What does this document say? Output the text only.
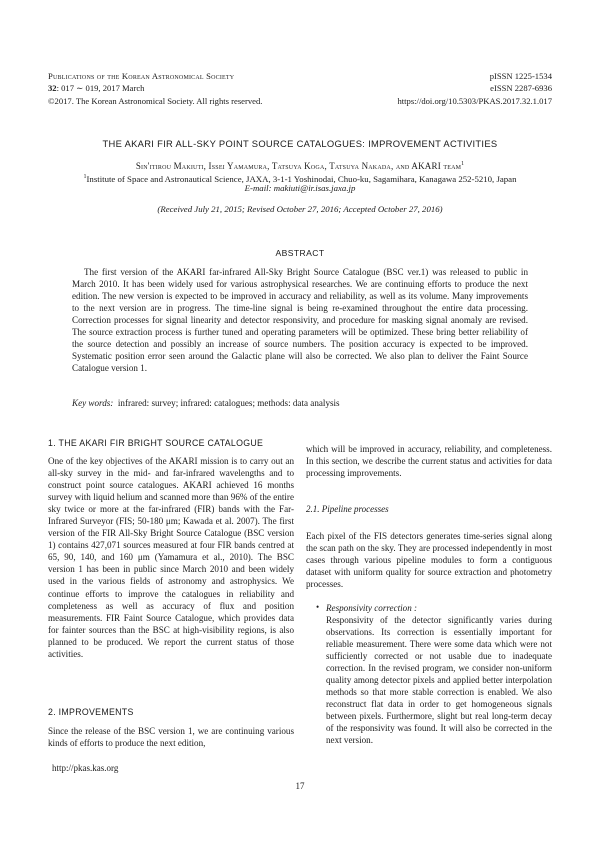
Publications of the Korean Astronomical Society
32: 017 ∼ 019, 2017 March
©2017. The Korean Astronomical Society. All rights reserved.
pISSN 1225-1534
eISSN 2287-6936
https://doi.org/10.5303/PKAS.2017.32.1.017
THE AKARI FIR ALL-SKY POINT SOURCE CATALOGUES: IMPROVEMENT ACTIVITIES
Sin'itirou Makiuti, Issei Yamamura, Tatsuya Koga, Tatsuya Nakada, and AKARI team$^1$
$^1$Institute of Space and Astronautical Science, JAXA, 3-1-1 Yoshinodai, Chuo-ku, Sagamihara, Kanagawa 252-5210, Japan
E-mail: makiuti@ir.isas.jaxa.jp
(Received July 21, 2015; Revised October 27, 2016; Accepted October 27, 2016)
ABSTRACT
The first version of the AKARI far-infrared All-Sky Bright Source Catalogue (BSC ver.1) was released to public in March 2010. It has been widely used for various astrophysical researches. We are continuing efforts to produce the next edition. The new version is expected to be improved in accuracy and reliability, as well as its volume. Many improvements to the next version are in progress. The time-line signal is being re-examined throughout the entire data processing. Correction processes for signal linearity and detector responsivity, and procedure for masking signal anomaly are revised. The source extraction process is further tuned and operating parameters will be optimized. These bring better reliability of the source detection and possibly an increase of source numbers. The position accuracy is expected to be improved. Systematic position error seen around the Galactic plane will also be corrected. We also plan to deliver the Faint Source Catalogue version 1.
Key words: infrared: survey; infrared: catalogues; methods: data analysis
1. THE AKARI FIR BRIGHT SOURCE CATALOGUE
One of the key objectives of the AKARI mission is to carry out an all-sky survey in the mid- and far-infrared wavelengths and to construct point source catalogues. AKARI achieved 16 months survey with liquid helium and scanned more than 96% of the entire sky twice or more at the far-infrared (FIR) bands with the Far-Infrared Surveyor (FIS; 50-180 μm; Kawada et al. 2007). The first version of the FIR All-Sky Bright Source Catalogue (BSC version 1) contains 427,071 sources measured at four FIR bands centred at 65, 90, 140, and 160 μm (Yamamura et al., 2010). The BSC version 1 has been in public since March 2010 and been widely used in the various fields of astronomy and astrophysics. We continue efforts to improve the catalogues in reliability and completeness as well as accuracy of flux and position measurements. FIR Faint Source Catalogue, which provides data for fainter sources than the BSC at high-visibility regions, is also planned to be produced. We report the current status of those activities.
2. IMPROVEMENTS
Since the release of the BSC version 1, we are continuing various kinds of efforts to produce the next edition,
which will be improved in accuracy, reliability, and completeness. In this section, we describe the current status and activities for data processing improvements.
2.1. Pipeline processes
Each pixel of the FIS detectors generates time-series signal along the scan path on the sky. They are processed independently in most cases through various pipeline modules to form a contiguous dataset with uniform quality for source extraction and photometry processes.
• Responsivity correction :
Responsivity of the detector significantly varies during observations. Its correction is essentially important for reliable measurement. There were some data which were not sufficiently corrected or not usable due to inadequate correction. In the revised program, we consider non-uniform quality among detector pixels and applied better interpolation methods so that more stable correction is enabled. We also reconstruct flat data in order to get homogeneous signals between pixels. Furthermore, slight but real long-term decay of the responsivity was found. It will also be corrected in the next version.
http://pkas.kas.org
17
